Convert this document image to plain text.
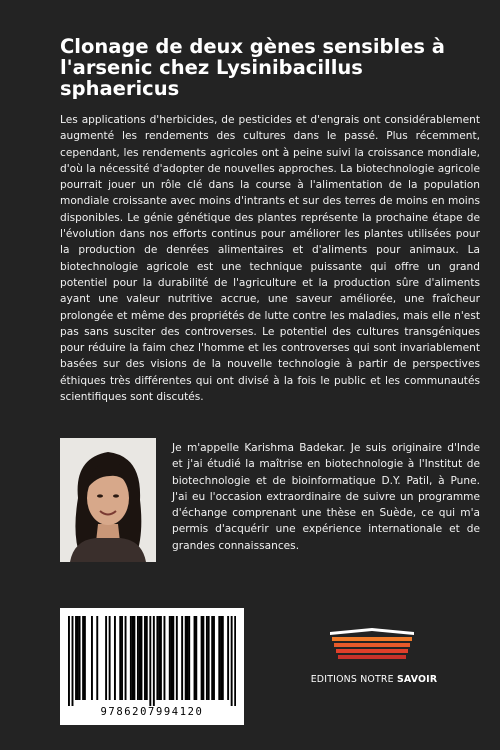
Clonage de deux gènes sensibles à l'arsenic chez Lysinibacillus sphaericus

Les applications d'herbicides, de pesticides et d'engrais ont considérablement augmenté les rendements des cultures dans le passé. Plus récemment, cependant, les rendements agricoles ont à peine suivi la croissance mondiale, d'où la nécessité d'adopter de nouvelles approches. La biotechnologie agricole pourrait jouer un rôle clé dans la course à l'alimentation de la population mondiale croissante avec moins d'intrants et sur des terres de moins en moins disponibles. Le génie génétique des plantes représente la prochaine étape de l'évolution dans nos efforts continus pour améliorer les plantes utilisées pour la production de denrées alimentaires et d'aliments pour animaux. La biotechnologie agricole est une technique puissante qui offre un grand potentiel pour la durabilité de l'agriculture et la production sûre d'aliments ayant une valeur nutritive accrue, une saveur améliorée, une fraîcheur prolongée et même des propriétés de lutte contre les maladies, mais elle n'est pas sans susciter des controverses. Le potentiel des cultures transgéniques pour réduire la faim chez l'homme et les controverses qui sont invariablement basées sur des visions de la nouvelle technologie à partir de perspectives éthiques très différentes qui ont divisé à la fois le public et les communautés scientifiques sont discutés.

Je m'appelle Karishma Badekar. Je suis originaire d'Inde et j'ai étudié la maîtrise en biotechnologie à l'Institut de biotechnologie et de bioinformatique D.Y. Patil, à Pune. J'ai eu l'occasion extraordinaire de suivre un programme d'échange comprenant une thèse en Suède, ce qui m'a permis d'acquérir une expérience internationale et de grandes connaissances.

9786207994120
EDITIONS NOTRE SAVOIR
